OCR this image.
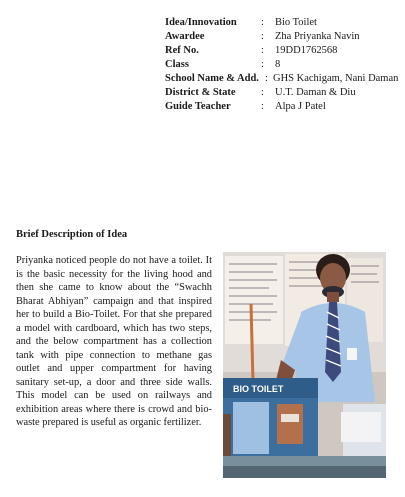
Idea/Innovation	:	Bio Toilet
Awardee	:	Zha Priyanka Navin
Ref No.	:	19DD1762568
Class	:	8
School Name & Add. : GHS Kachigam, Nani Daman
District & State	:	U.T. Daman & Diu
Guide Teacher	:	Alpa J Patel
Brief Description of Idea

Priyanka noticed people do not have a toilet. It is the basic necessity for the living hood and then she came to know about the “Swachh Bharat Abhiyan” campaign and that inspired her to build a Bio-Toilet. For that she prepared a model with cardboard, which has two steps, and the below compartment has a collection tank with pipe connection to methane gas outlet and upper compartment for having sanitary set-up, a door and three side walls. This model can be used on railways and exhibition areas where there is crowd and bio-waste prepared is useful as organic fertilizer.

BIO TOILET
